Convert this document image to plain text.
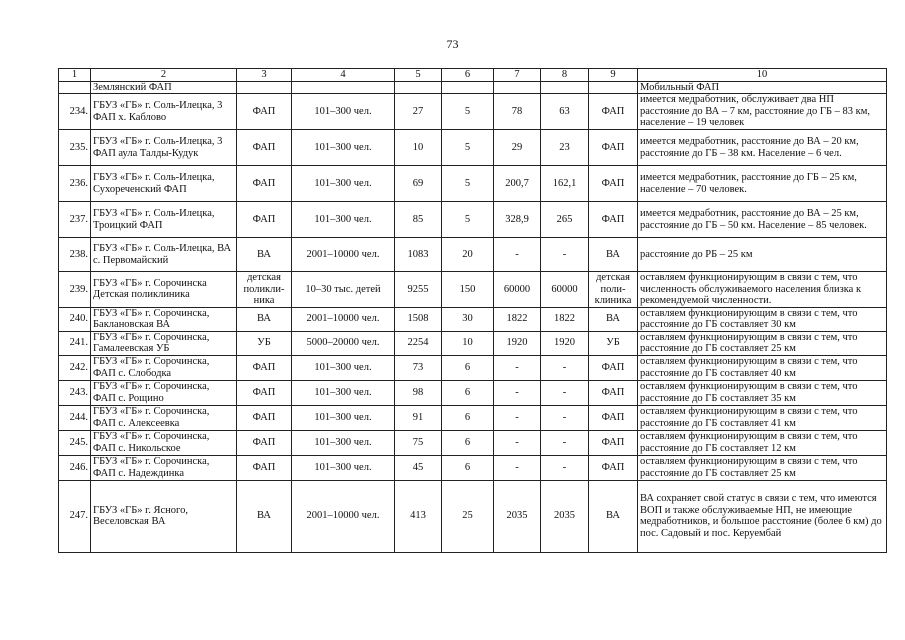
73
1	2	3	4	5	6	7	8	9	10
	Землянский ФАП								Мобильный ФАП
234.	ГБУЗ «ГБ» г. Соль-Илецка, 3 ФАП х. Каблово	ФАП	101–300 чел.	27	5	78	63	ФАП	имеется медработник, обслуживает два НП расстояние до ВА – 7 км, расстояние до ГБ – 83 км, население – 19 человек
235.	ГБУЗ «ГБ» г. Соль-Илецка, 3 ФАП аула Талды-Кудук	ФАП	101–300 чел.	10	5	29	23	ФАП	имеется медработник, расстояние до ВА – 20 км, расстояние до ГБ – 38 км. Население – 6 чел.
236.	ГБУЗ «ГБ» г. Соль-Илецка, Сухореченский ФАП	ФАП	101–300 чел.	69	5	200,7	162,1	ФАП	имеется медработник, расстояние до ГБ – 25 км, население – 70 человек.
237.	ГБУЗ «ГБ» г. Соль-Илецка, Троицкий ФАП	ФАП	101–300 чел.	85	5	328,9	265	ФАП	имеется медработник, расстояние до ВА – 25 км, расстояние до ГБ – 50 км. Население – 85 человек.
238.	ГБУЗ «ГБ» г. Соль-Илецка, ВА с. Первомайский	ВА	2001–10000 чел.	1083	20	-	-	ВА	расстояние до РБ – 25 км
239.	ГБУЗ «ГБ» г. Сорочинска Детская поликлиника	детская поликли-ника	10–30 тыс. детей	9255	150	60000	60000	детская поли-клиника	оставляем функционирующим в связи с тем, что численность обслуживаемого населения близка к рекомендуемой численности.
240.	ГБУЗ «ГБ» г. Сорочинска, Баклановская ВА	ВА	2001–10000 чел.	1508	30	1822	1822	ВА	оставляем функционирующим в связи с тем, что расстояние до ГБ составляет 30 км
241.	ГБУЗ «ГБ» г. Сорочинска, Гамалеевская УБ	УБ	5000–20000 чел.	2254	10	1920	1920	УБ	оставляем функционирующим в связи с тем, что расстояние до ГБ составляет 25 км
242.	ГБУЗ «ГБ» г. Сорочинска, ФАП с. Слободка	ФАП	101–300 чел.	73	6	-	-	ФАП	оставляем функционирующим в связи с тем, что расстояние до ГБ составляет 40 км
243.	ГБУЗ «ГБ» г. Сорочинска, ФАП с. Рощино	ФАП	101–300 чел.	98	6	-	-	ФАП	оставляем функционирующим в связи с тем, что расстояние до ГБ составляет 35 км
244.	ГБУЗ «ГБ» г. Сорочинска, ФАП с. Алексеевка	ФАП	101–300 чел.	91	6	-	-	ФАП	оставляем функционирующим в связи с тем, что расстояние до ГБ составляет 41 км
245.	ГБУЗ «ГБ» г. Сорочинска, ФАП с. Никольское	ФАП	101–300 чел.	75	6	-	-	ФАП	оставляем функционирующим в связи с тем, что расстояние до ГБ составляет 12 км
246.	ГБУЗ «ГБ» г. Сорочинска, ФАП с. Надеждинка	ФАП	101–300 чел.	45	6	-	-	ФАП	оставляем функционирующим в связи с тем, что расстояние до ГБ составляет 25 км
247.	ГБУЗ «ГБ» г. Ясного, Веселовская ВА	ВА	2001–10000 чел.	413	25	2035	2035	ВА	ВА сохраняет свой статус в связи с тем, что имеются ВОП и также обслуживаемые НП, не имеющие медработников, и большое расстояние (более 6 км) до пос. Садовый и пос. Керуембай
